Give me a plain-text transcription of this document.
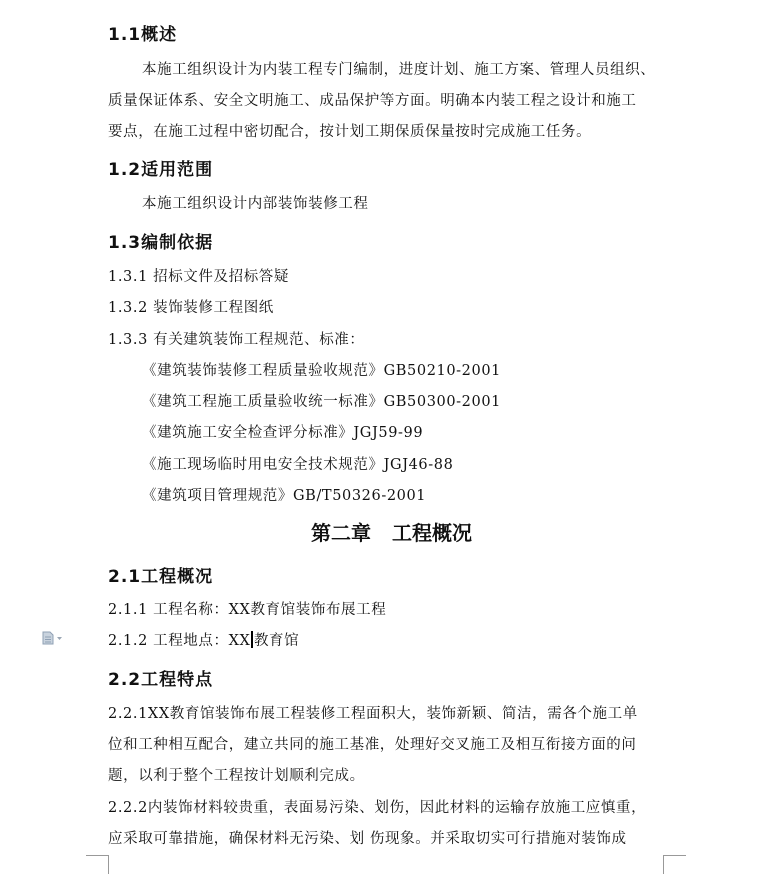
1.1概述
本施工组织设计为内装工程专门编制，进度计划、施工方案、管理人员组织、
质量保证体系、安全文明施工、成品保护等方面。明确本内装工程之设计和施工
要点，在施工过程中密切配合，按计划工期保质保量按时完成施工任务。
1.2适用范围
本施工组织设计内部装饰装修工程
1.3编制依据
1.3.1 招标文件及招标答疑
1.3.2 装饰装修工程图纸
1.3.3 有关建筑装饰工程规范、标准：
《建筑装饰装修工程质量验收规范》GB50210-2001
《建筑工程施工质量验收统一标准》GB50300-2001
《建筑施工安全检查评分标准》JGJ59-99
《施工现场临时用电安全技术规范》JGJ46-88
《建筑项目管理规范》GB/T50326-2001
第二章 工程概况
2.1工程概况
2.1.1 工程名称：XX教育馆装饰布展工程
2.1.2 工程地点：XX 教育馆
2.2工程特点
2.2.1XX教育馆装饰布展工程装修工程面积大，装饰新颖、简洁，需各个施工单
位和工种相互配合，建立共同的施工基准，处理好交叉施工及相互衔接方面的问
题，以利于整个工程按计划顺利完成。
2.2.2内装饰材料较贵重，表面易污染、划伤，因此材料的运输存放施工应慎重，
应采取可靠措施，确保材料无污染、划 伤现象。并采取切实可行措施对装饰成
